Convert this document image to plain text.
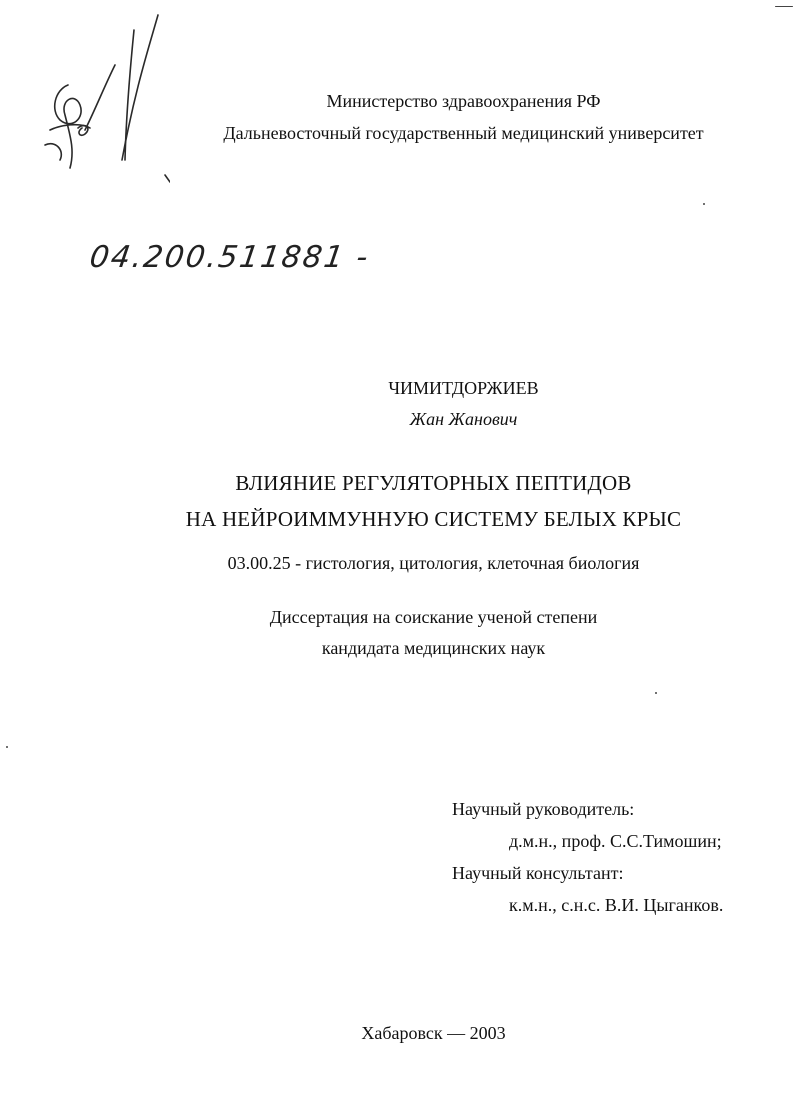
Министерство здравоохранения РФ
Дальневосточный государственный медицинский университет
04.200.511881 -
ЧИМИТДОРЖИЕВ
Жан Жанович
ВЛИЯНИЕ РЕГУЛЯТОРНЫХ ПЕПТИДОВ
НА НЕЙРОИММУННУЮ СИСТЕМУ БЕЛЫХ КРЫС
03.00.25 - гистология, цитология, клеточная биология
Диссертация на соискание ученой степени
кандидата медицинских наук
Научный руководитель:
д.м.н., проф. С.С.Тимошин;
Научный консультант:
к.м.н., с.н.с. В.И. Цыганков.
Хабаровск — 2003
